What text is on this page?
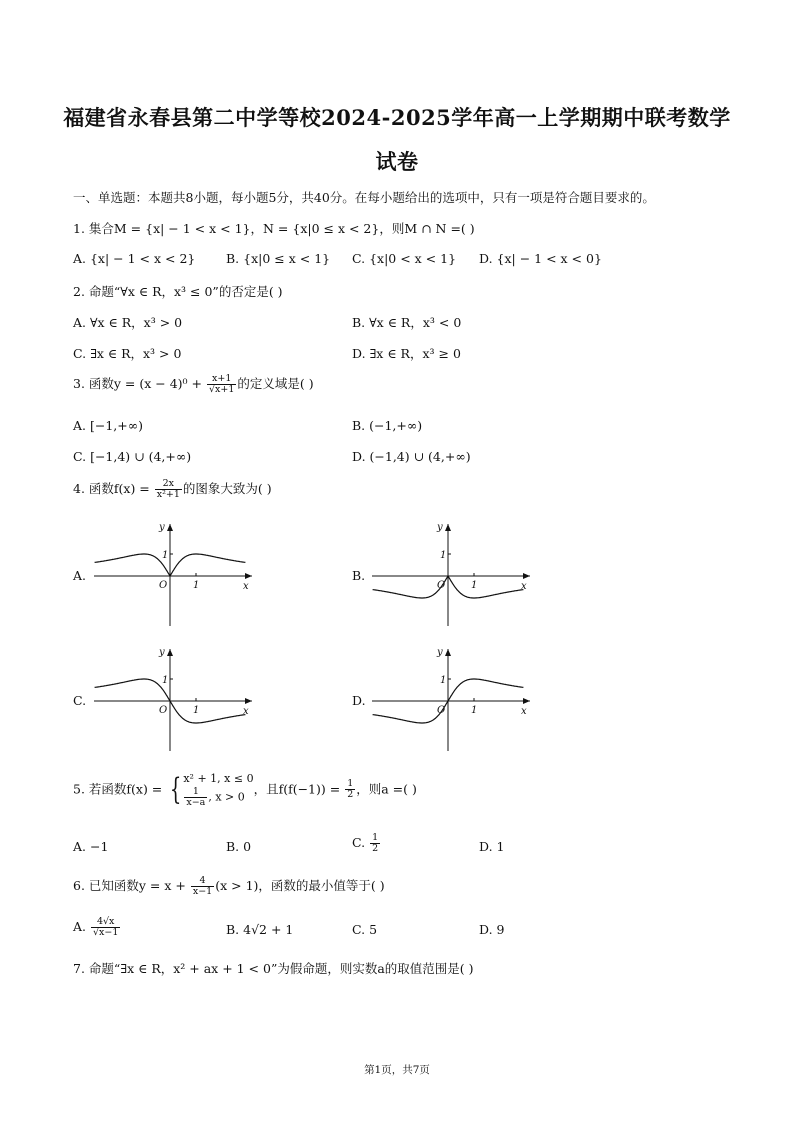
福建省永春县第二中学等校2024-2025学年高一上学期期中联考数学
试卷
一、单选题：本题共8小题，每小题5分，共40分。在每小题给出的选项中，只有一项是符合题目要求的。
1. 集合M = {x| − 1 < x < 1}，N = {x|0 ≤ x < 2}，则M ∩ N =( )
A. {x| − 1 < x < 2} B. {x|0 ≤ x < 1} C. {x|0 < x < 1} D. {x| − 1 < x < 0}
2. 命题“∀x ∈ R，x³ ≤ 0”的否定是( )
A. ∀x ∈ R，x³ > 0	B. ∀x ∈ R，x³ < 0
C. ∃x ∈ R，x³ > 0	D. ∃x ∈ R，x³ ≥ 0
3. 函数$y = (x - 4)^0 + \frac{x+1}{√x+1}$ 的定义域是( )
A. [−1,+∞)	B. (−1,+∞)
C. [−1,4) ∪ (4,+∞)	D. (−1,4) ∪ (4,+∞)
4. 函数$f(x) = \frac{2x}{\text{x²+1}}$ 的图象大致为( )
A.
y
x
O	1
1
B.
y
x
O	1
1
C.
y
x
O	1
1
D.
y
x
O	1
1
5. 若函数f(x) = { x² + 1, x ≤ 0
$\frac{1}{x-a}$ , x > 0
，且$f(f(-1)) = \frac{1}{2}$ ，则a =( )
A. −1	B. 0	C. $\frac{1}{2}$	D. 1
6. 已知函数$y = x + \frac{4}{x-1} (x > 1)$，函数的最小值等于( )
A. $\frac{4√x}{√x-1}$	B. 4√2 + 1	C. 5	D. 9
7. 命题“∃x ∈ R，x² + ax + 1 < 0”为假命题，则实数a的取值范围是( )
第1页，共7页
